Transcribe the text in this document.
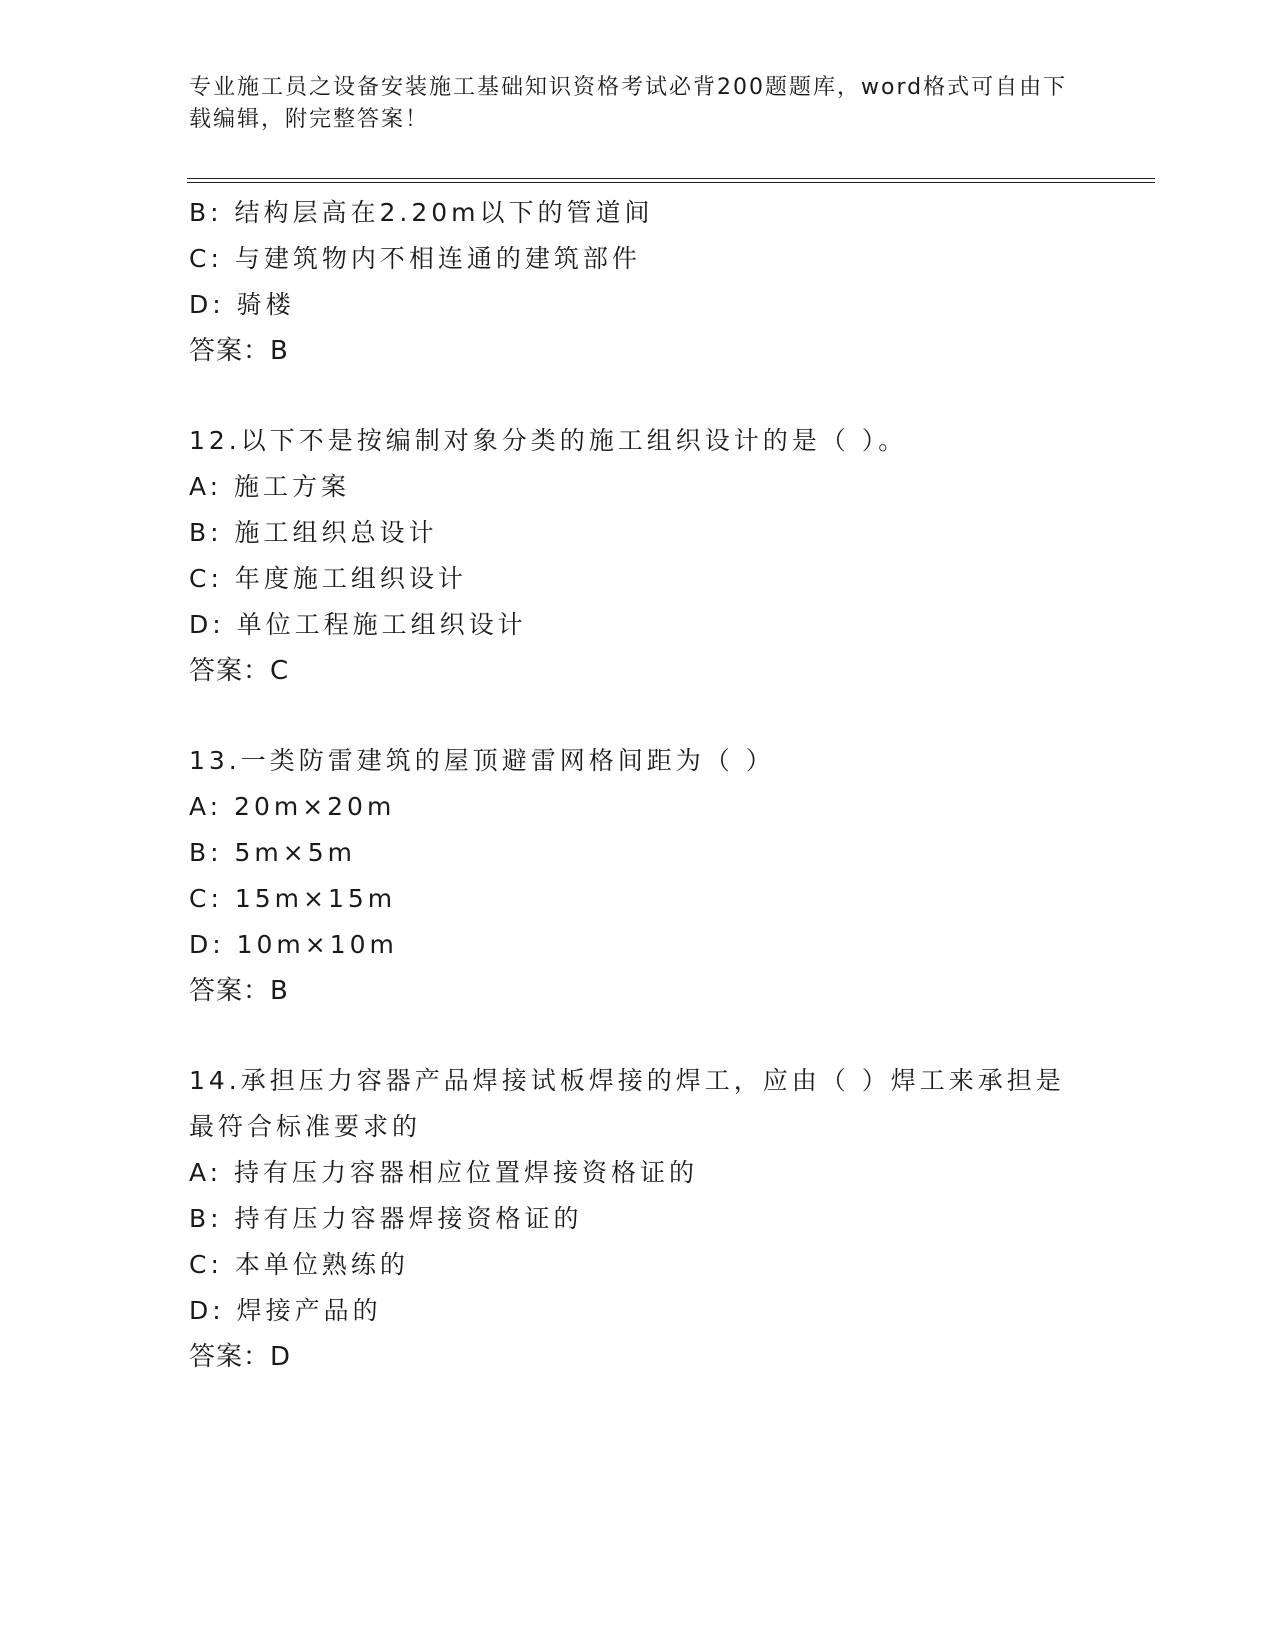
专业施工员之设备安装施工基础知识资格考试必背200题题库，word格式可自由下载编辑，附完整答案！
B: 结构层高在2.20m以下的管道间
C: 与建筑物内不相连通的建筑部件
D: 骑楼
答案：B
12.以下不是按编制对象分类的施工组织设计的是（ ）。
A: 施工方案
B: 施工组织总设计
C: 年度施工组织设计
D: 单位工程施工组织设计
答案：C
13.一类防雷建筑的屋顶避雷网格间距为（ ）
A: 20m×20m
B: 5m×5m
C: 15m×15m
D: 10m×10m
答案：B
14.承担压力容器产品焊接试板焊接的焊工，应由（ ）焊工来承担是最符合标准要求的
A: 持有压力容器相应位置焊接资格证的
B: 持有压力容器焊接资格证的
C: 本单位熟练的
D: 焊接产品的
答案：D
